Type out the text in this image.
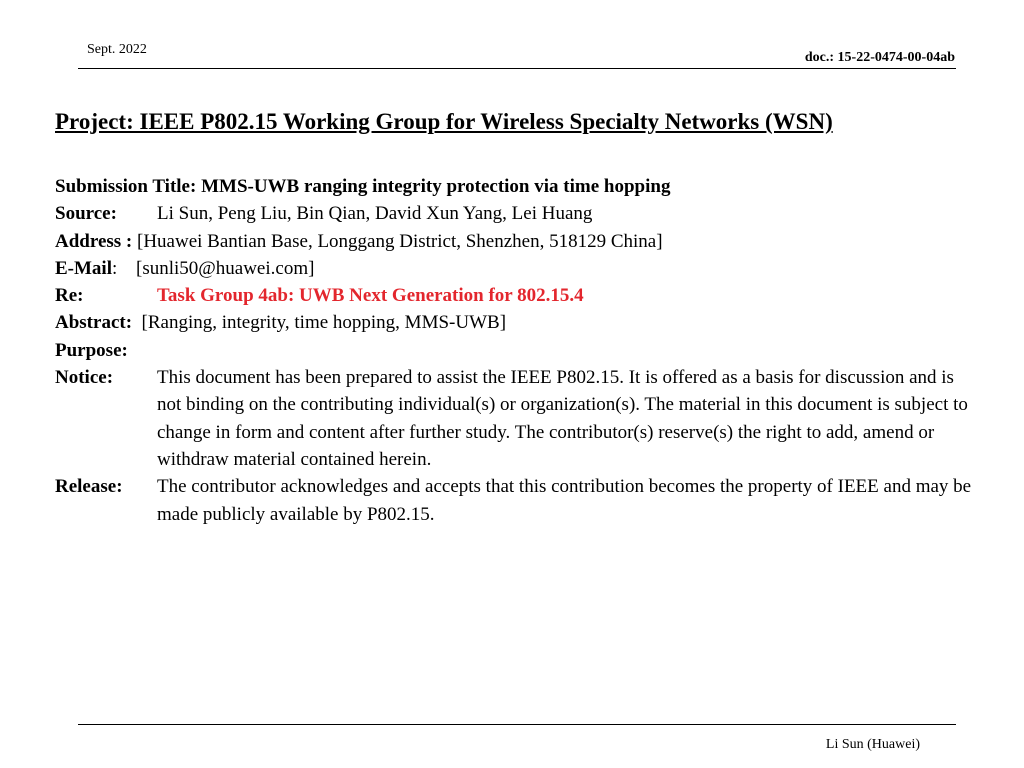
Sept. 2022
doc.: 15-22-0474-00-04ab
Project: IEEE P802.15 Working Group for Wireless Specialty Networks (WSN)
Submission Title:
MMS-UWB ranging integrity protection via time hopping
Source:	Li Sun, Peng Liu, Bin Qian, David Xun Yang, Lei Huang
Address :
[Huawei Bantian Base, Longgang District, Shenzhen, 518129 China]
E-Mail : [sunli50@huawei.com]
Re:	Task Group 4ab: UWB Next Generation for 802.15.4
Abstract:
[Ranging, integrity, time hopping, MMS-UWB]
Purpose:
Notice:	This document has been prepared to assist the IEEE P802.15. It is offered as a basis for discussion and is not binding on the contributing individual(s) or organization(s). The material in this document is subject to change in form and content after further study. The contributor(s) reserve(s) the right to add, amend or withdraw material contained herein.
Release:	The contributor acknowledges and accepts that this contribution becomes the property of IEEE and may be made publicly available by P802.15.
Li Sun (Huawei)
